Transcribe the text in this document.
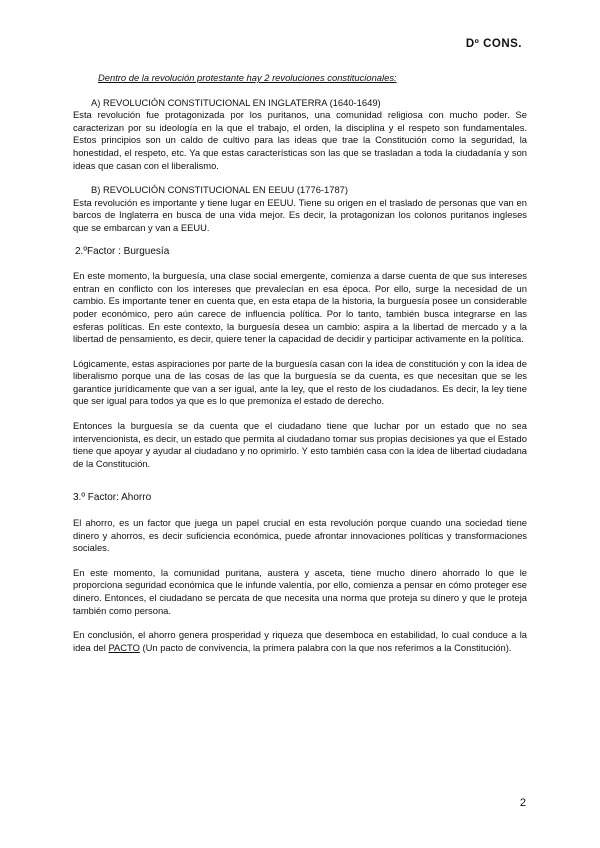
Dº CONS.

Dentro de la revolución protestante hay 2 revoluciones constitucionales:

A) REVOLUCIÓN CONSTITUCIONAL EN INGLATERRA (1640-1649)

Esta revolución fue protagonizada por los puritanos, una comunidad religiosa con mucho poder. Se caracterizan por su ideología en la que el trabajo, el orden, la disciplina y el respeto son fundamentales. Estos principios son un caldo de cultivo para las ideas que trae la Constitución como la seguridad, la honestidad, el respeto, etc. Ya que estas características son las que se trasladan a toda la ciudadanía y son ideas que casan con el liberalismo.

B) REVOLUCIÓN CONSTITUCIONAL EN EEUU (1776-1787)

Esta revolución es importante y tiene lugar en EEUU. Tiene su origen en el traslado de personas que van en barcos de Inglaterra en busca de una vida mejor. Es decir, la protagonizan los colonos puritanos ingleses que se embarcan y van a EEUU.

2.ºFactor : Burguesía

En este momento, la burguesía, una clase social emergente, comienza a darse cuenta de que sus intereses entran en conflicto con los intereses que prevalecían en esa época. Por ello, surge la necesidad de un cambio. Es importante tener en cuenta que, en esta etapa de la historia, la burguesía posee un considerable poder económico, pero aún carece de influencia política. Por lo tanto, también busca integrarse en las esferas políticas. En este contexto, la burguesía desea un cambio: aspira a la libertad de mercado y a la libertad de pensamiento, es decir, quiere tener la capacidad de decidir y participar activamente en la política.

Lógicamente, estas aspiraciones por parte de la burguesía casan con la idea de constitución y con la idea de liberalismo porque una de las cosas de las que la burguesía se da cuenta, es que necesitan que se les garantice jurídicamente que van a ser igual, ante la ley, que el resto de los ciudadanos. Es decir, la ley tiene que ser igual para todos ya que es lo que premoniza el estado de derecho.

Entonces la burguesía se da cuenta que el ciudadano tiene que luchar por un estado que no sea intervencionista, es decir, un estado que permita al ciudadano tomar sus propias decisiones ya que el Estado tiene que apoyar y ayudar al ciudadano y no oprimirlo. Y esto también casa con la idea de libertad ciudadana de la Constitución.

3.º Factor: Ahorro

El ahorro, es un factor que juega un papel crucial en esta revolución porque cuando una sociedad tiene dinero y ahorros, es decir suficiencia económica, puede afrontar innovaciones políticas y transformaciones sociales.

En este momento, la comunidad puritana, austera y asceta, tiene mucho dinero ahorrado lo que le proporciona seguridad económica que le infunde valentía, por ello, comienza a pensar en cómo proteger ese dinero. Entonces, el ciudadano se percata de que necesita una norma que proteja su dinero y que le proteja también como persona.

En conclusión, el ahorro genera prosperidad y riqueza que desemboca en estabilidad, lo cual conduce a la idea del PACTO (Un pacto de convivencia, la primera palabra con la que nos referimos a la Constitución).

2
